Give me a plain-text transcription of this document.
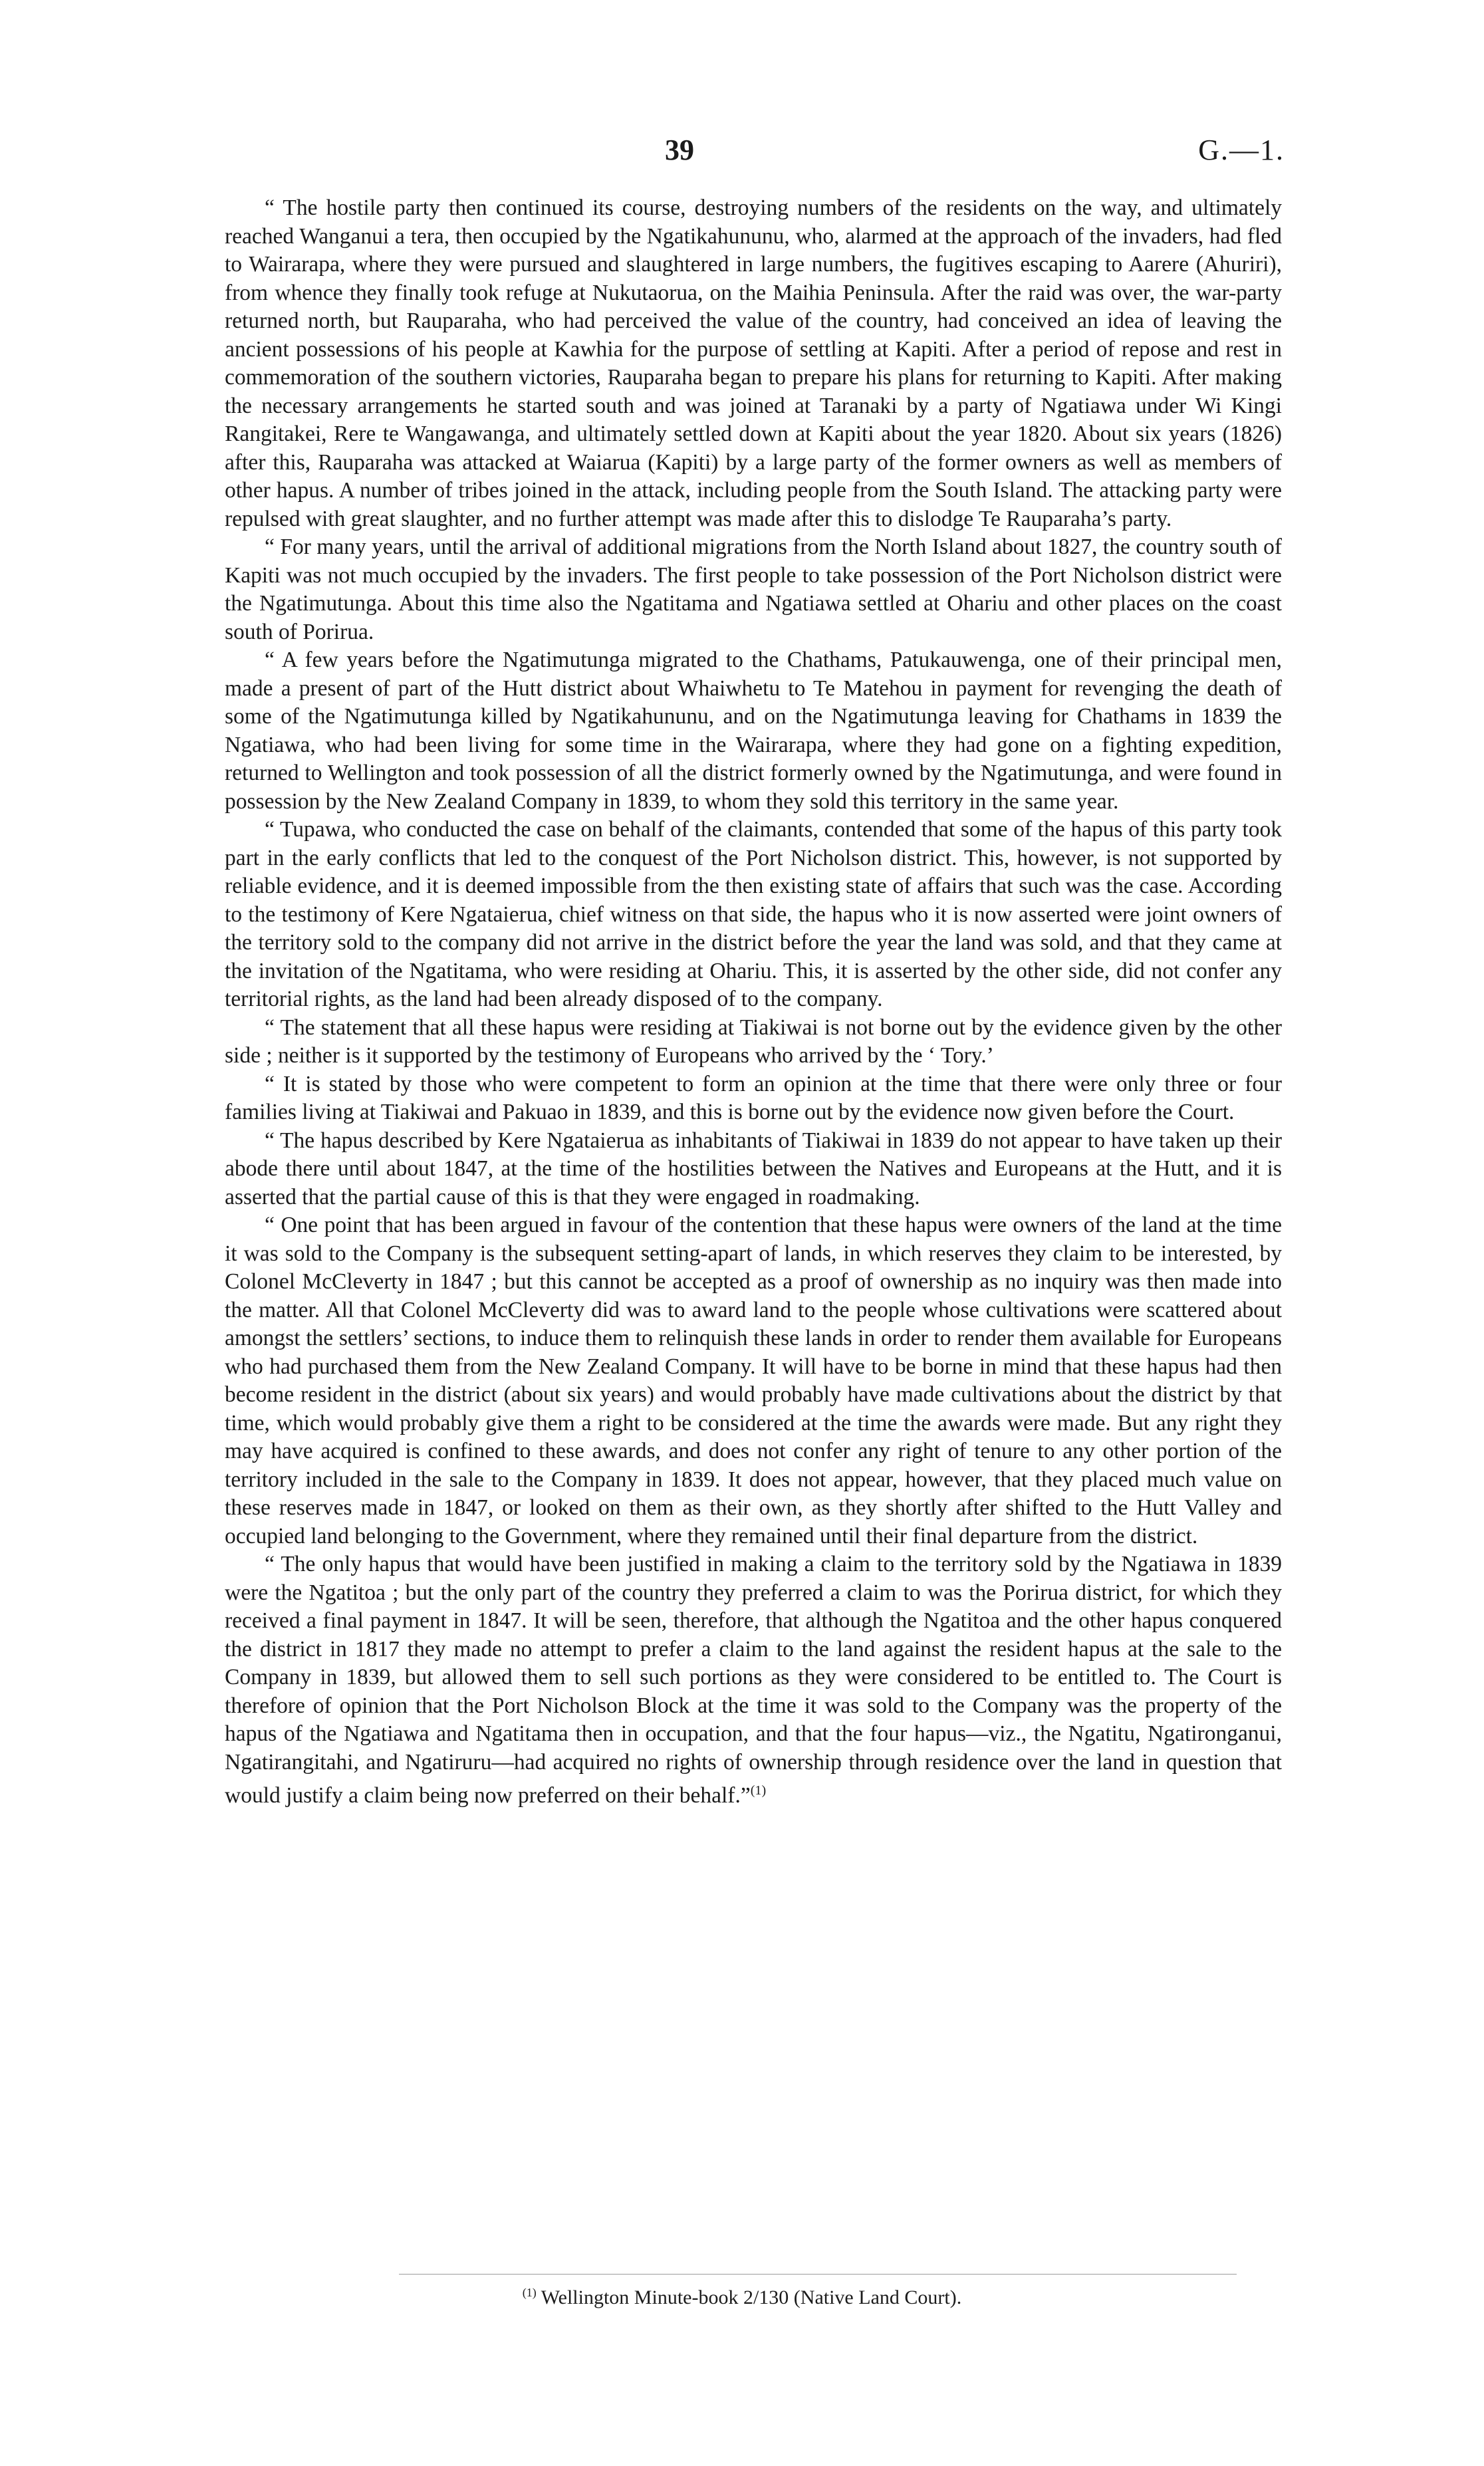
39	G.—1.

“ The hostile party then continued its course, destroying numbers of the residents on the way, and ultimately reached Wanganui a tera, then occupied by the Ngatikahununu, who, alarmed at the approach of the invaders, had fled to Wairarapa, where they were pursued and slaughtered in large numbers, the fugitives escaping to Aarere (Ahuriri), from whence they finally took refuge at Nukutaorua, on the Maihia Peninsula. After the raid was over, the war-party returned north, but Rauparaha, who had perceived the value of the country, had conceived an idea of leaving the ancient possessions of his people at Kawhia for the purpose of settling at Kapiti. After a period of repose and rest in commemoration of the southern victories, Rauparaha began to prepare his plans for returning to Kapiti. After making the necessary arrangements he started south and was joined at Taranaki by a party of Ngatiawa under Wi Kingi Rangitakei, Rere te Wangawanga, and ultimately settled down at Kapiti about the year 1820. About six years (1826) after this, Rauparaha was attacked at Waiarua (Kapiti) by a large party of the former owners as well as members of other hapus. A number of tribes joined in the attack, including people from the South Island. The attacking party were repulsed with great slaughter, and no further attempt was made after this to dislodge Te Rauparaha’s party.

“ For many years, until the arrival of additional migrations from the North Island about 1827, the country south of Kapiti was not much occupied by the invaders. The first people to take possession of the Port Nicholson district were the Ngatimutunga. About this time also the Ngatitama and Ngatiawa settled at Ohariu and other places on the coast south of Porirua.

“ A few years before the Ngatimutunga migrated to the Chathams, Patukauwenga, one of their principal men, made a present of part of the Hutt district about Whaiwhetu to Te Matehou in payment for revenging the death of some of the Ngatimutunga killed by Ngatikahununu, and on the Ngatimutunga leaving for Chathams in 1839 the Ngatiawa, who had been living for some time in the Wairarapa, where they had gone on a fighting expedition, returned to Wellington and took possession of all the district formerly owned by the Ngatimutunga, and were found in possession by the New Zealand Company in 1839, to whom they sold this territory in the same year.

“ Tupawa, who conducted the case on behalf of the claimants, contended that some of the hapus of this party took part in the early conflicts that led to the conquest of the Port Nicholson district. This, however, is not supported by reliable evidence, and it is deemed impossible from the then existing state of affairs that such was the case. According to the testimony of Kere Ngataierua, chief witness on that side, the hapus who it is now asserted were joint owners of the territory sold to the company did not arrive in the district before the year the land was sold, and that they came at the invitation of the Ngatitama, who were residing at Ohariu. This, it is asserted by the other side, did not confer any territorial rights, as the land had been already disposed of to the company.

“ The statement that all these hapus were residing at Tiakiwai is not borne out by the evidence given by the other side ; neither is it supported by the testimony of Europeans who arrived by the ‘ Tory.’

“ It is stated by those who were competent to form an opinion at the time that there were only three or four families living at Tiakiwai and Pakuao in 1839, and this is borne out by the evidence now given before the Court.

“ The hapus described by Kere Ngataierua as inhabitants of Tiakiwai in 1839 do not appear to have taken up their abode there until about 1847, at the time of the hostilities between the Natives and Europeans at the Hutt, and it is asserted that the partial cause of this is that they were engaged in roadmaking.

“ One point that has been argued in favour of the contention that these hapus were owners of the land at the time it was sold to the Company is the subsequent setting-apart of lands, in which reserves they claim to be interested, by Colonel McCleverty in 1847 ; but this cannot be accepted as a proof of ownership as no inquiry was then made into the matter. All that Colonel McCleverty did was to award land to the people whose cultivations were scattered about amongst the settlers’ sections, to induce them to relinquish these lands in order to render them available for Europeans who had purchased them from the New Zealand Company. It will have to be borne in mind that these hapus had then become resident in the district (about six years) and would probably have made cultivations about the district by that time, which would probably give them a right to be considered at the time the awards were made. But any right they may have acquired is confined to these awards, and does not confer any right of tenure to any other portion of the territory included in the sale to the Company in 1839. It does not appear, however, that they placed much value on these reserves made in 1847, or looked on them as their own, as they shortly after shifted to the Hutt Valley and occupied land belonging to the Government, where they remained until their final departure from the district.

“ The only hapus that would have been justified in making a claim to the territory sold by the Ngatiawa in 1839 were the Ngatitoa ; but the only part of the country they preferred a claim to was the Porirua district, for which they received a final payment in 1847. It will be seen, therefore, that although the Ngatitoa and the other hapus conquered the district in 1817 they made no attempt to prefer a claim to the land against the resident hapus at the sale to the Company in 1839, but allowed them to sell such portions as they were considered to be entitled to. The Court is therefore of opinion that the Port Nicholson Block at the time it was sold to the Company was the property of the hapus of the Ngatiawa and Ngatitama then in occupation, and that the four hapus—viz., the Ngatitu, Ngatironganui, Ngatirangitahi, and Ngatiruru—had acquired no rights of ownership through residence over the land in question that would justify a claim being now preferred on their behalf.”$^{(1)}$

$^{(1)}$ Wellington Minute-book 2/130 (Native Land Court).
